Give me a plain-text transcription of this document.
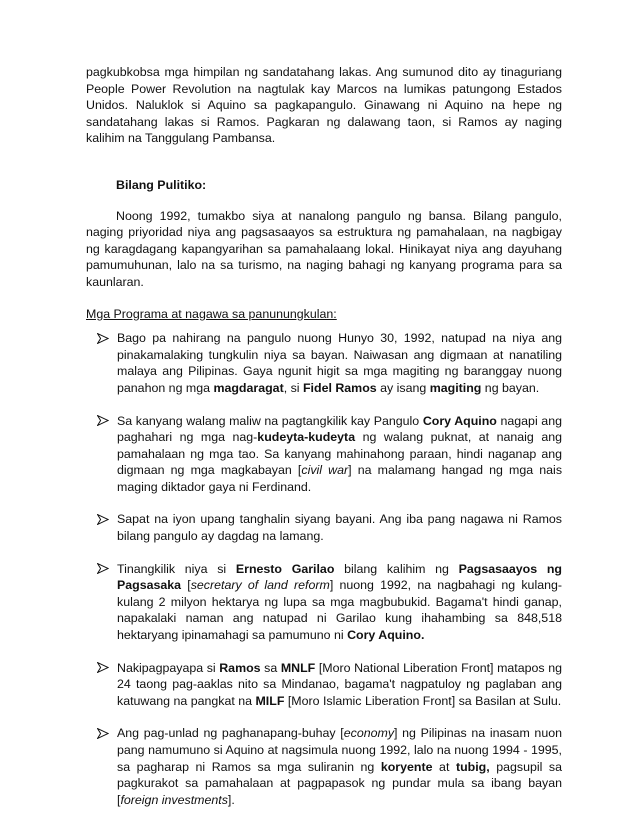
pagkubkobsa mga himpilan ng sandatahang lakas. Ang sumunod dito ay tinaguriang People Power Revolution na nagtulak kay Marcos na lumikas patungong Estados Unidos. Naluklok si Aquino sa pagkapangulo. Ginawang ni Aquino na hepe ng sandatahang lakas si Ramos. Pagkaran ng dalawang taon, si Ramos ay naging kalihim na Tanggulang Pambansa.

Bilang Pulitiko:

Noong 1992, tumakbo siya at nanalong pangulo ng bansa. Bilang pangulo, naging priyoridad niya ang pagsasaayos sa estruktura ng pamahalaan, na nagbigay ng karagdagang kapangyarihan sa pamahalaang lokal. Hinikayat niya ang dayuhang pamumuhunan, lalo na sa turismo, na naging bahagi ng kanyang programa para sa kaunlaran.

Mga Programa at nagawa sa panunungkulan:

Bago pa nahirang na pangulo nuong Hunyo 30, 1992, natupad na niya ang pinakamalaking tungkulin niya sa bayan. Naiwasan ang digmaan at nanatiling malaya ang Pilipinas. Gaya ngunit higit sa mga magiting ng baranggay nuong panahon ng mga magdaragat, si Fidel Ramos ay isang magiting ng bayan.
Sa kanyang walang maliw na pagtangkilik kay Pangulo Cory Aquino nagapi ang paghahari ng mga nag-kudeyta-kudeyta ng walang puknat, at nanaig ang pamahalaan ng mga tao. Sa kanyang mahinahong paraan, hindi naganap ang digmaan ng mga magkabayan [civil war] na malamang hangad ng mga nais maging diktador gaya ni Ferdinand.
Sapat na iyon upang tanghalin siyang bayani. Ang iba pang nagawa ni Ramos bilang pangulo ay dagdag na lamang.
Tinangkilik niya si Ernesto Garilao bilang kalihim ng Pagsasaayos ng Pagsasaka [secretary of land reform] nuong 1992, na nagbahagi ng kulang-kulang 2 milyon hektarya ng lupa sa mga magbubukid. Bagama't hindi ganap, napakalaki naman ang natupad ni Garilao kung ihahambing sa 848,518 hektaryang ipinamahagi sa pamumuno ni Cory Aquino.
Nakipagpayapa si Ramos sa MNLF [Moro National Liberation Front] matapos ng 24 taong pag-aaklas nito sa Mindanao, bagama't nagpatuloy ng paglaban ang katuwang na pangkat na MILF [Moro Islamic Liberation Front] sa Basilan at Sulu.
Ang pag-unlad ng paghanapang-buhay [economy] ng Pilipinas na inasam nuon pang namumuno si Aquino at nagsimula nuong 1992, lalo na nuong 1994 - 1995, sa pagharap ni Ramos sa mga suliranin ng koryente at tubig, pagsupil sa pagkurakot sa pamahalaan at pagpapasok ng pundar mula sa ibang bayan [foreign investments].
